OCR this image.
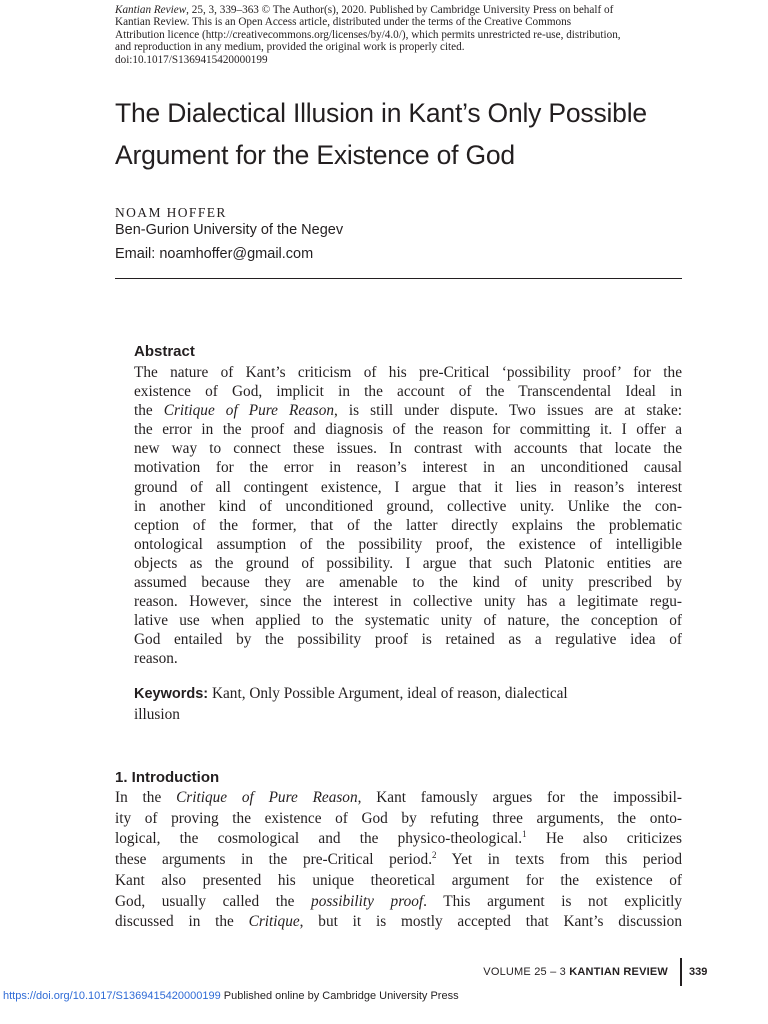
Kantian Review, 25, 3, 339–363 © The Author(s), 2020. Published by Cambridge University Press on behalf of
Kantian Review. This is an Open Access article, distributed under the terms of the Creative Commons
Attribution licence (http://creativecommons.org/licenses/by/4.0/), which permits unrestricted re-use, distribution,
and reproduction in any medium, provided the original work is properly cited.
doi:10.1017/S1369415420000199
The Dialectical Illusion in Kant’s Only Possible
Argument for the Existence of God
NOAM HOFFER
Ben-Gurion University of the Negev
Email: noamhoffer@gmail.com
Abstract
The nature of Kant’s criticism of his pre-Critical ‘possibility proof’ for the
existence of God, implicit in the account of the Transcendental Ideal in
the Critique of Pure Reason, is still under dispute. Two issues are at stake:
the error in the proof and diagnosis of the reason for committing it. I offer a
new way to connect these issues. In contrast with accounts that locate the
motivation for the error in reason’s interest in an unconditioned causal
ground of all contingent existence, I argue that it lies in reason’s interest
in another kind of unconditioned ground, collective unity. Unlike the con-
ception of the former, that of the latter directly explains the problematic
ontological assumption of the possibility proof, the existence of intelligible
objects as the ground of possibility. I argue that such Platonic entities are
assumed because they are amenable to the kind of unity prescribed by
reason. However, since the interest in collective unity has a legitimate regu-
lative use when applied to the systematic unity of nature, the conception of
God entailed by the possibility proof is retained as a regulative idea of
reason.
Keywords: Kant, Only Possible Argument, ideal of reason, dialectical
illusion
1. Introduction
In the Critique of Pure Reason, Kant famously argues for the impossibil-
ity of proving the existence of God by refuting three arguments, the onto-
logical, the cosmological and the physico-theological.$^1$ He also criticizes
these arguments in the pre-Critical period.$^2$ Yet in texts from this period
Kant also presented his unique theoretical argument for the existence of
God, usually called the possibility proof. This argument is not explicitly
discussed in the Critique, but it is mostly accepted that Kant’s discussion
VOLUME 25 – 3 KANTIAN REVIEW 339
https://doi.org/10.1017/S1369415420000199 Published online by Cambridge University Press
